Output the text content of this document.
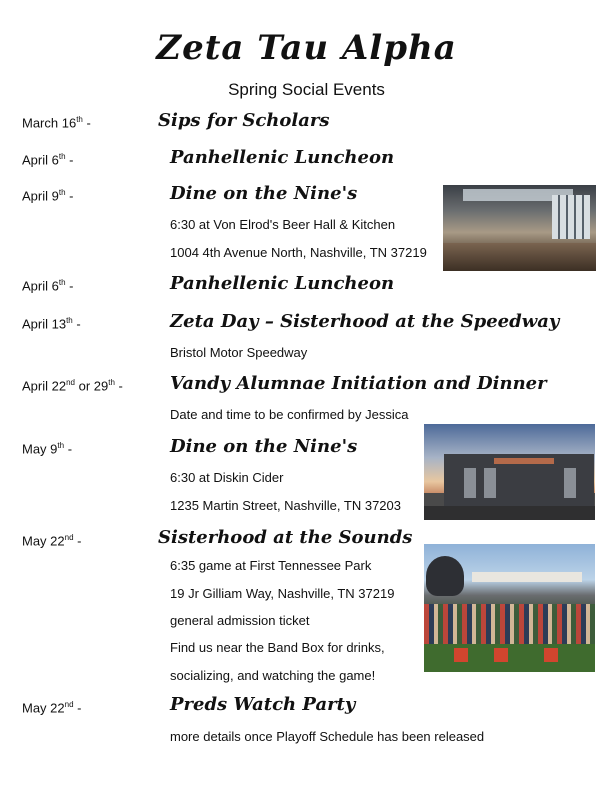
Zeta Tau Alpha
Spring Social Events
March 16th -	Sips for Scholars
April 6th -	Panhellenic Luncheon
April 9th -	Dine on the Nine's
6:30 at Von Elrod's Beer Hall & Kitchen
1004 4th Avenue North, Nashville, TN 37219
April 6th -	Panhellenic Luncheon
April 13th -	Zeta Day – Sisterhood at the Speedway
Bristol Motor Speedway
April 22nd or 29th -	Vandy Alumnae Initiation and Dinner
Date and time to be confirmed by Jessica
May 9th -	Dine on the Nine's
6:30 at Diskin Cider
1235 Martin Street, Nashville, TN 37203
May 22nd -	Sisterhood at the Sounds
6:35 game at First Tennessee Park
19 Jr Gilliam Way, Nashville, TN 37219
general admission ticket
Find us near the Band Box for drinks,
socializing, and watching the game!
May 22nd -	Preds Watch Party
more details once Playoff Schedule has been released
